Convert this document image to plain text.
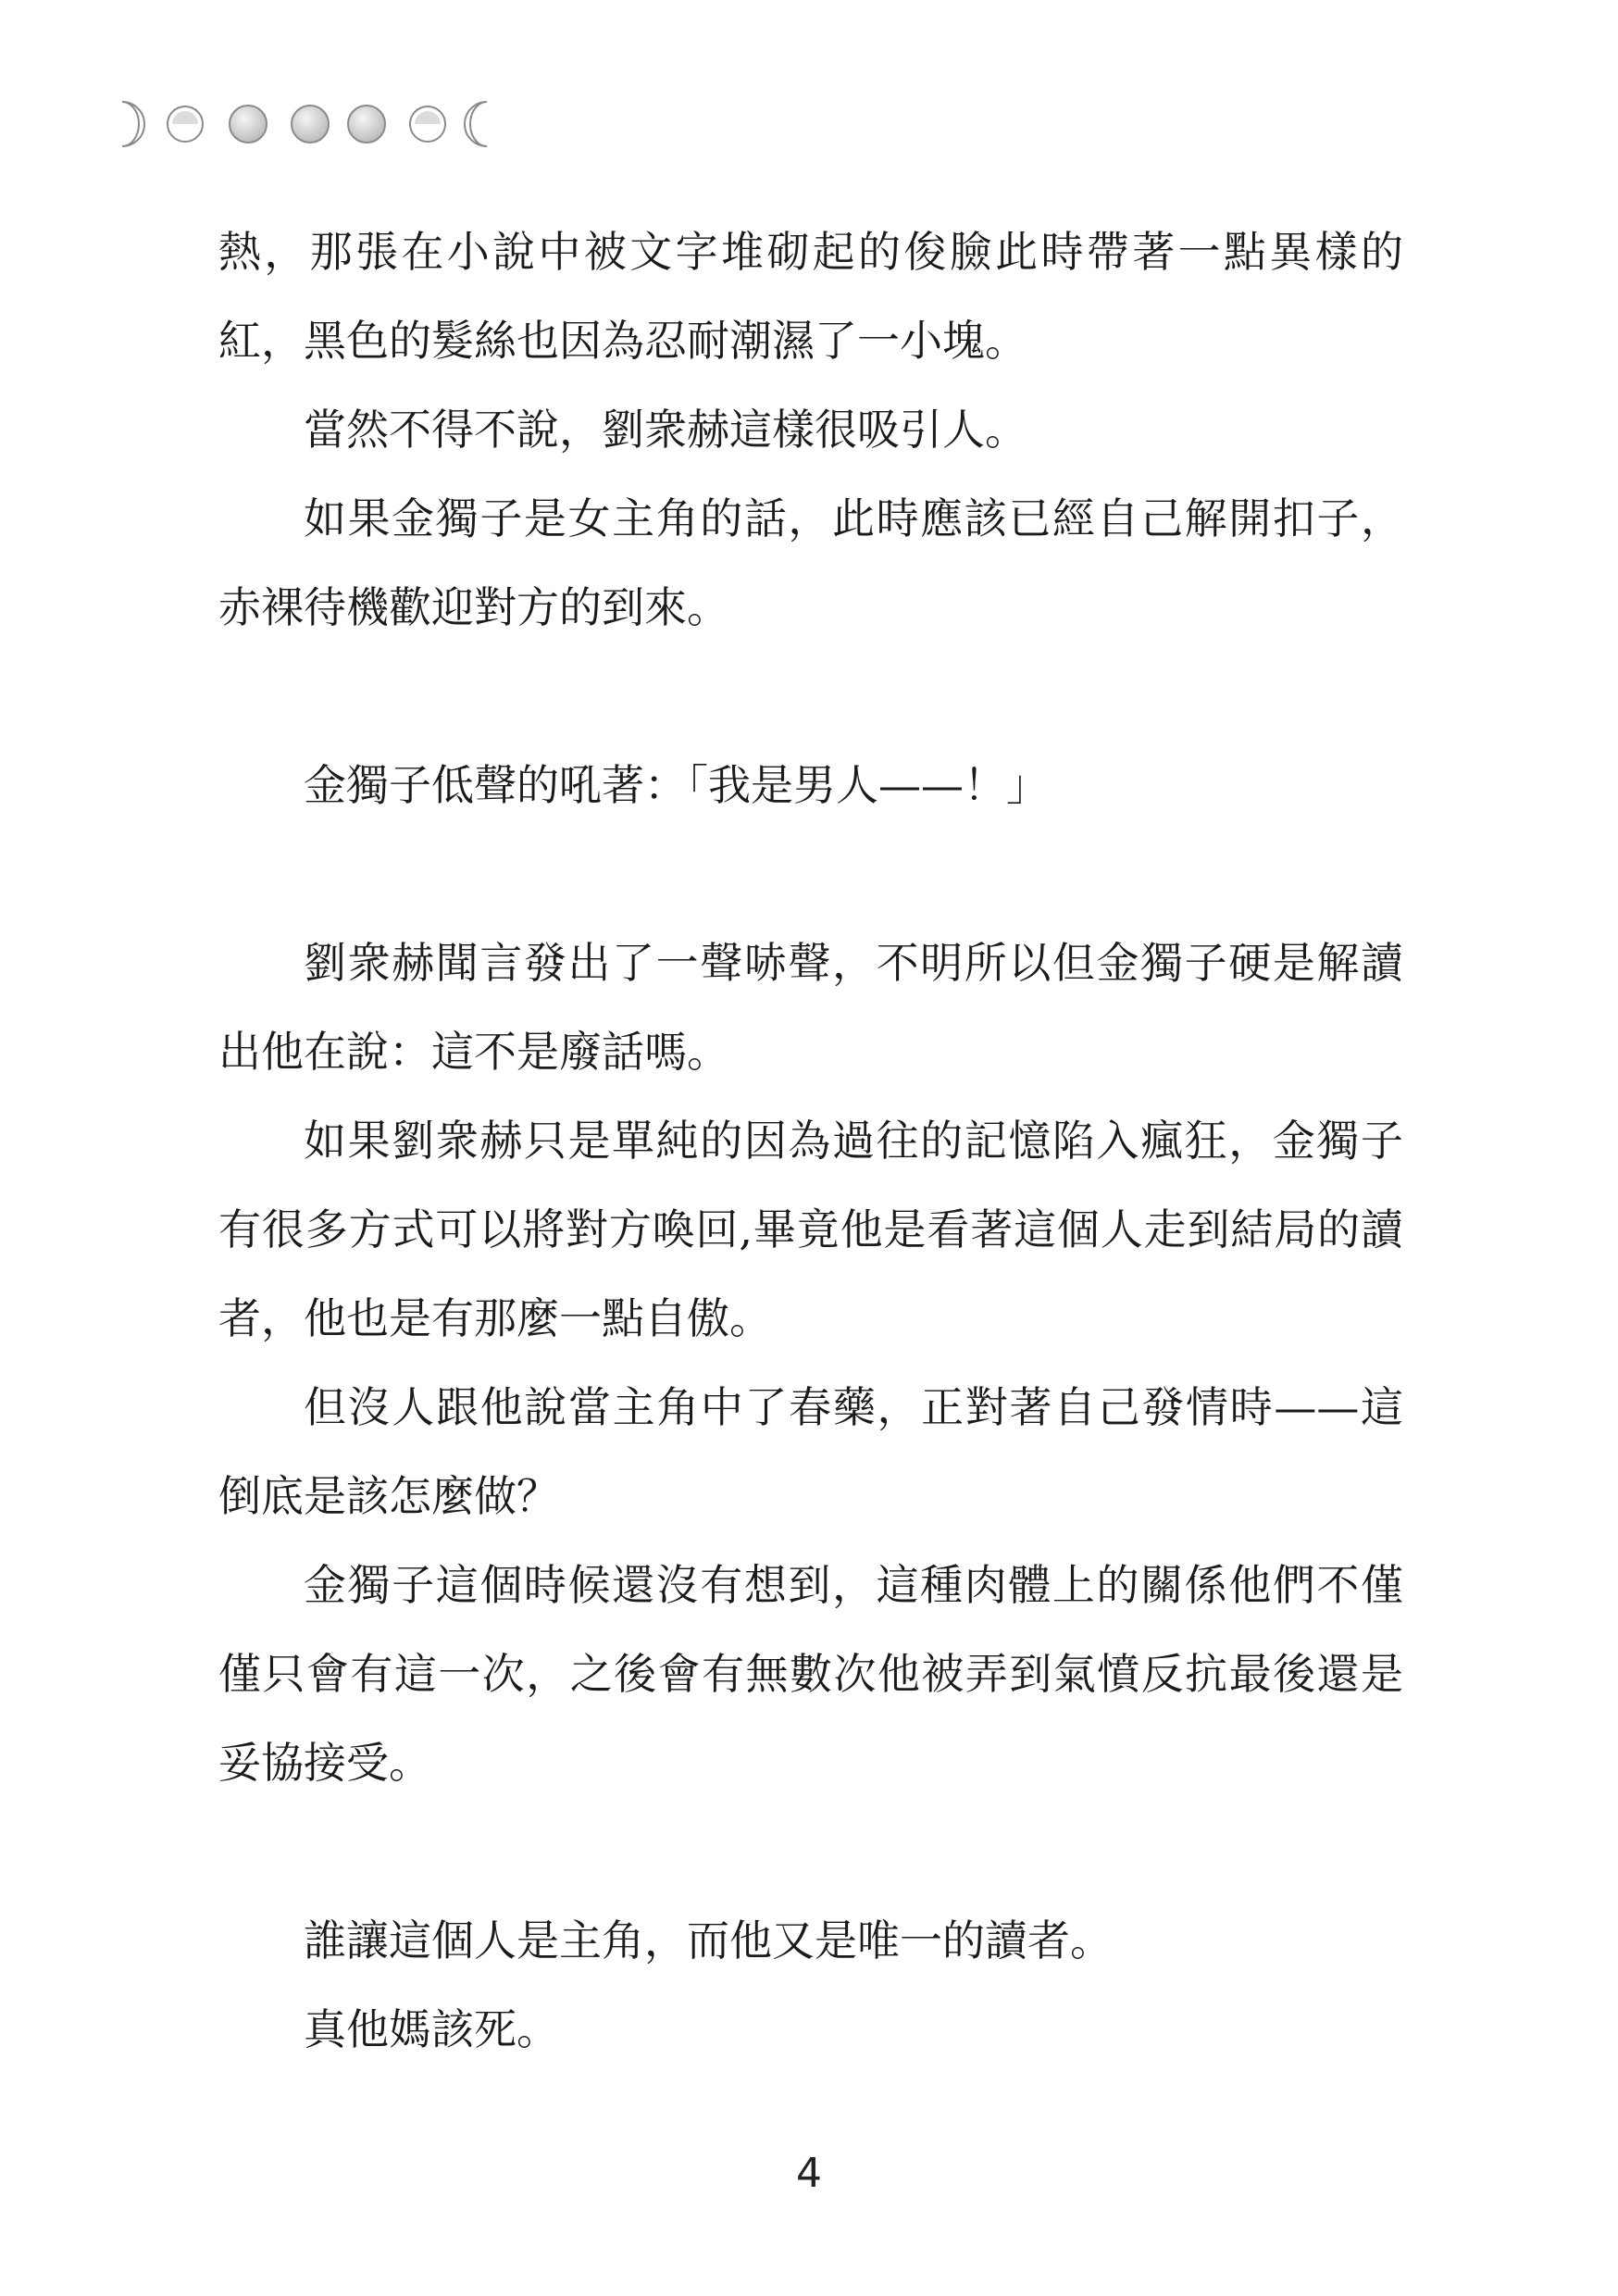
熱，那張在小說中被文字堆砌起的俊臉此時帶著一點異樣的紅，黑色的髮絲也因為忍耐潮濕了一小塊。

當然不得不說，劉衆赫這樣很吸引人。

如果金獨子是女主角的話，此時應該已經自己解開扣子，赤裸待機歡迎對方的到來。

金獨子低聲的吼著：「我是男人——！」

劉衆赫聞言發出了一聲哧聲，不明所以但金獨子硬是解讀出他在說：這不是廢話嗎。

如果劉衆赫只是單純的因為過往的記憶陷入瘋狂，金獨子有很多方式可以將對方喚回,畢竟他是看著這個人走到結局的讀者，他也是有那麼一點自傲。

但沒人跟他說當主角中了春藥，正對著自己發情時——這倒底是該怎麼做？

金獨子這個時候還沒有想到，這種肉體上的關係他們不僅僅只會有這一次，之後會有無數次他被弄到氣憤反抗最後還是妥協接受。

誰讓這個人是主角，而他又是唯一的讀者。

真他媽該死。

4
